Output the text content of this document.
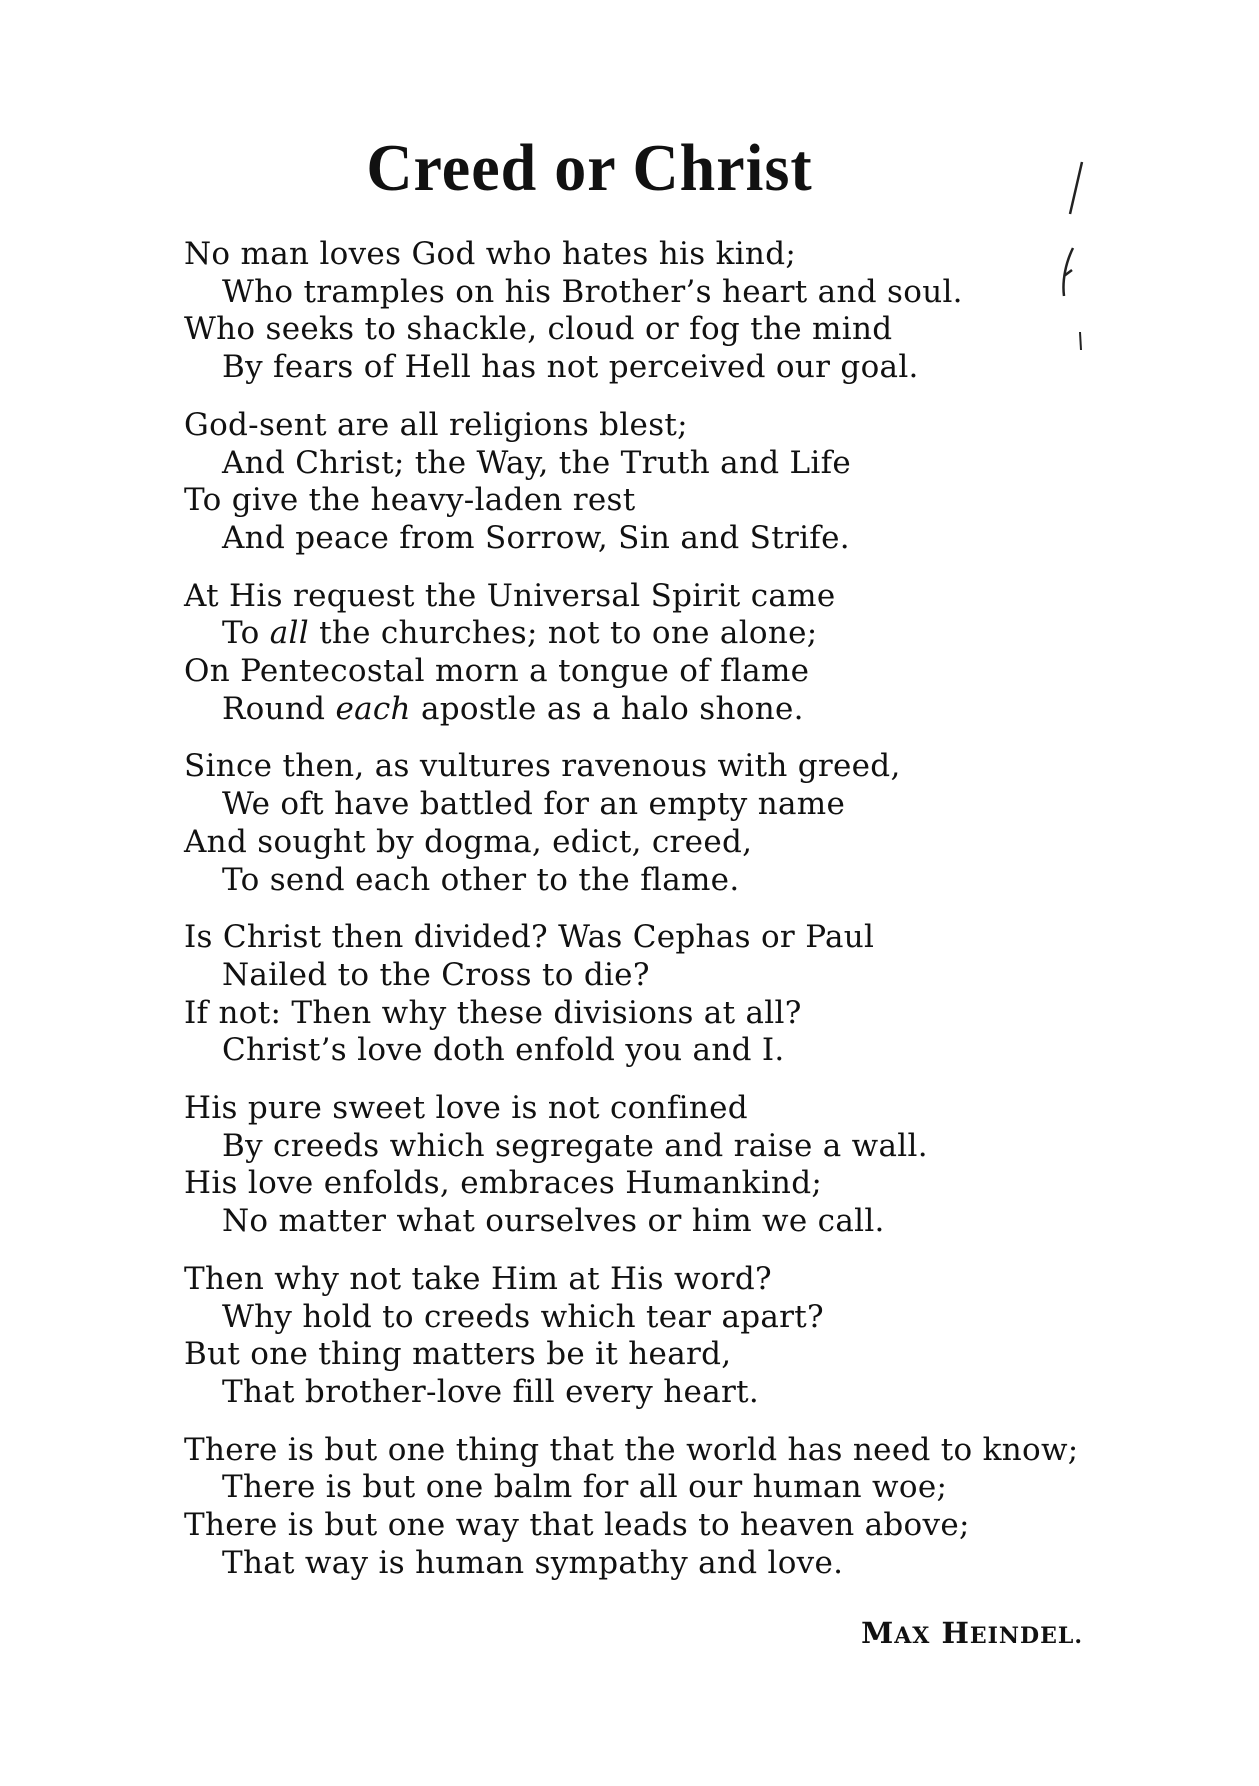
Creed or Christ
No man loves God who hates his kind;
Who tramples on his Brother’s heart and soul.
Who seeks to shackle, cloud or fog the mind
By fears of Hell has not perceived our goal.
God-sent are all religions blest;
And Christ; the Way, the Truth and Life
To give the heavy-laden rest
And peace from Sorrow, Sin and Strife.
At His request the Universal Spirit came
To all the churches; not to one alone;
On Pentecostal morn a tongue of flame
Round each apostle as a halo shone.
Since then, as vultures ravenous with greed,
We oft have battled for an empty name
And sought by dogma, edict, creed,
To send each other to the flame.
Is Christ then divided? Was Cephas or Paul
Nailed to the Cross to die?
If not: Then why these divisions at all?
Christ’s love doth enfold you and I.
His pure sweet love is not confined
By creeds which segregate and raise a wall.
His love enfolds, embraces Humankind;
No matter what ourselves or him we call.
Then why not take Him at His word?
Why hold to creeds which tear apart?
But one thing matters be it heard,
That brother-love fill every heart.
There is but one thing that the world has need to know;
There is but one balm for all our human woe;
There is but one way that leads to heaven above;
That way is human sympathy and love.
MAX HEINDEL.
